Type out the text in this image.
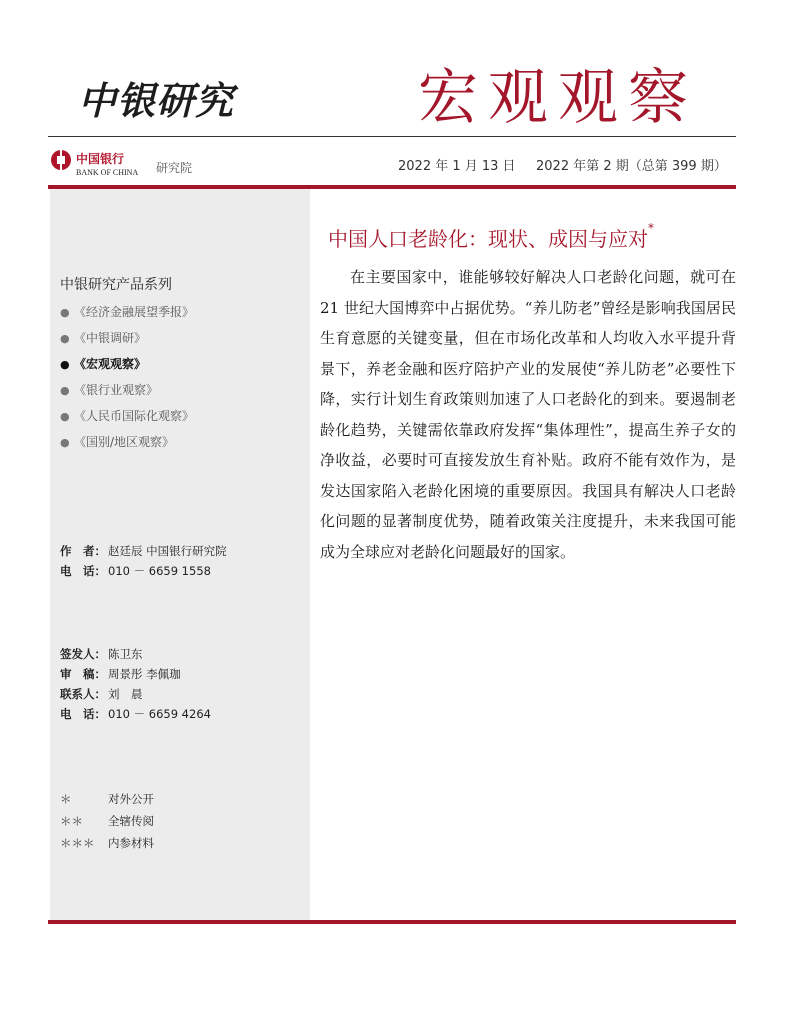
中银研究	宏观观察
中国银行
BANK OF CHINA 研究院	2022 年 1 月 13 日 2022 年第 2 期（总第 399 期）
中银研究产品系列
● 《经济金融展望季报》
● 《中银调研》
● 《宏观观察》
● 《银行业观察》
● 《人民币国际化观察》
● 《国别/地区观察》
作　者： 赵廷辰 中国银行研究院
电　话： 010 － 6659 1558
签发人： 陈卫东
审　稿： 周景彤 李佩珈
联系人： 刘　晨
电　话： 010 － 6659 4264
＊	对外公开
＊＊ 全辖传阅
＊＊＊ 内参材料
中国人口老龄化：现状、成因与应对*

在主要国家中，谁能够较好解决人口老龄化问题，就可在 21 世纪大国博弈中占据优势。“养儿防老”曾经是影响我国居民生育意愿的关键变量，但在市场化改革和人均收入水平提升背景下，养老金融和医疗陪护产业的发展使“养儿防老”必要性下降，实行计划生育政策则加速了人口老龄化的到来。要遏制老龄化趋势，关键需依靠政府发挥“集体理性”，提高生养子女的净收益，必要时可直接发放生育补贴。政府不能有效作为，是发达国家陷入老龄化困境的重要原因。我国具有解决人口老龄化问题的显著制度优势，随着政策关注度提升，未来我国可能成为全球应对老龄化问题最好的国家。
